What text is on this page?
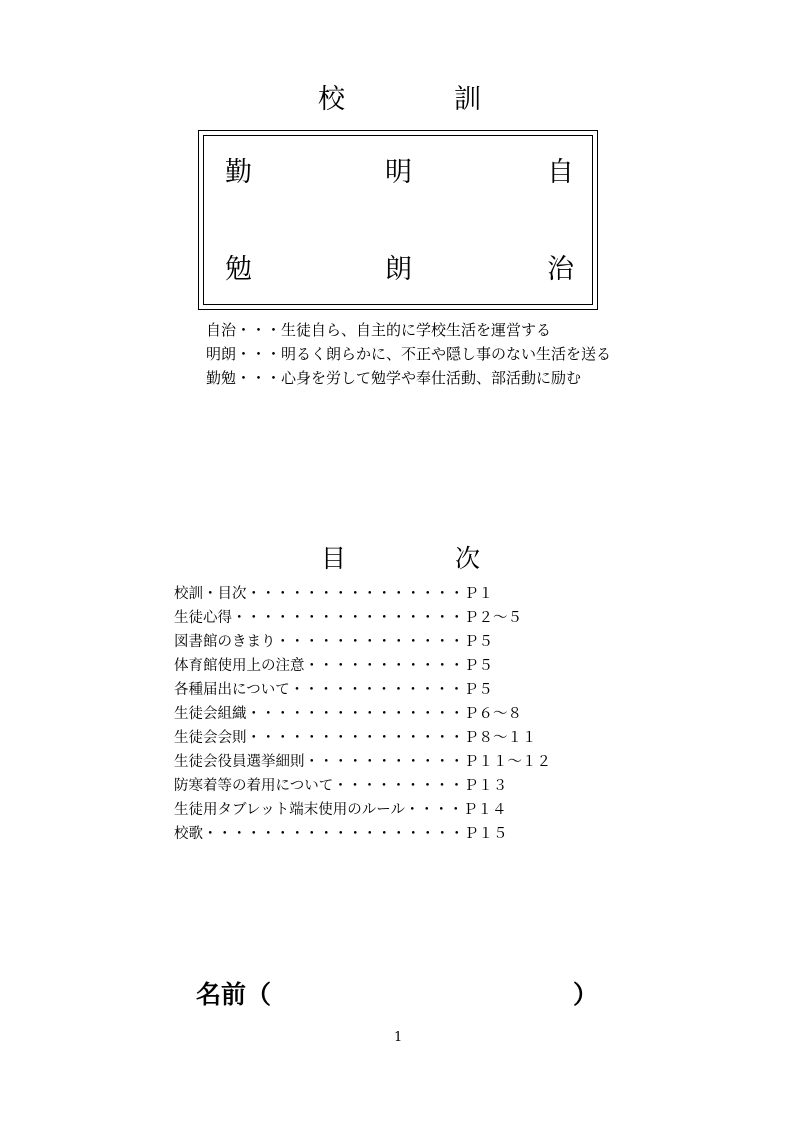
校	訓
勤	明	自
勉	朗	治
自治・・・生徒自ら、自主的に学校生活を運営する
明朗・・・明るく朗らかに、不正や隠し事のない生活を送る
勤勉・・・心身を労して勉学や奉仕活動、部活動に励む
目	次
校訓・目次・・・・・・・・・・・・・・・Ｐ１
生徒心得・・・・・・・・・・・・・・・・Ｐ２～５
図書館のきまり・・・・・・・・・・・・・Ｐ５
体育館使用上の注意・・・・・・・・・・・Ｐ５
各種届出について・・・・・・・・・・・・Ｐ５
生徒会組織・・・・・・・・・・・・・・・Ｐ６～８
生徒会会則・・・・・・・・・・・・・・・Ｐ８～１１
生徒会役員選挙細則・・・・・・・・・・・Ｐ１１～１２
防寒着等の着用について・・・・・・・・・Ｐ１３
生徒用タブレット端末使用のルール・・・・Ｐ１４
校歌・・・・・・・・・・・・・・・・・・Ｐ１５
名前（	）
1
